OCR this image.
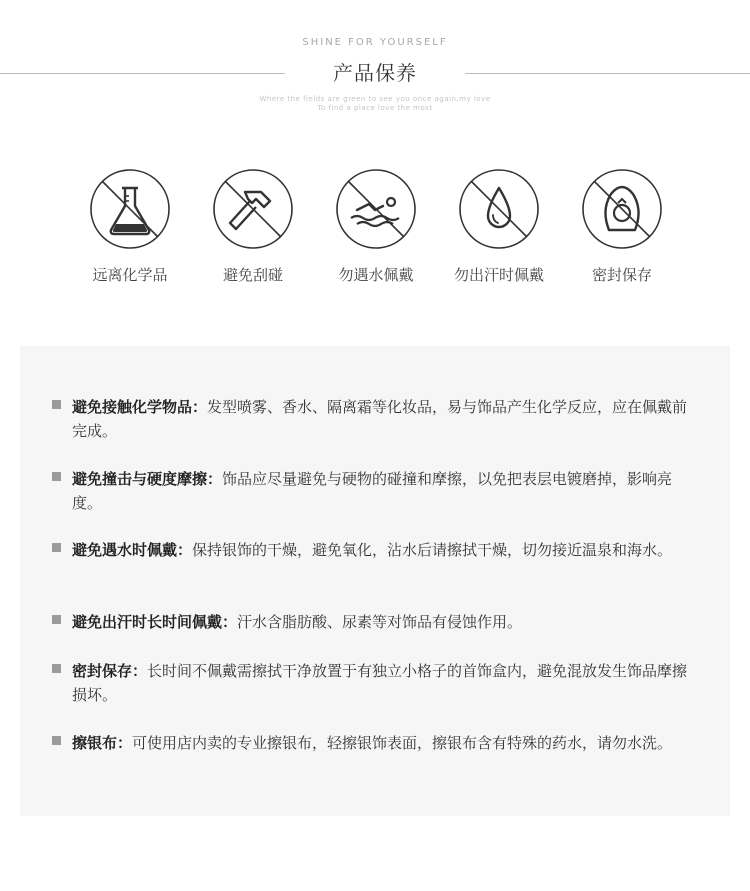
SHINE FOR YOURSELF
产品保养
Where the fields are green to see you once again,my love
To find a place love the most
远离化学品	避免刮碰	勿遇水佩戴	勿出汗时佩戴	密封保存
避免接触化学物品：发型喷雾、香水、隔离霜等化妆品，易与饰品产生化学反应，应在佩戴前完成。
避免撞击与硬度摩擦：饰品应尽量避免与硬物的碰撞和摩擦，以免把表层电镀磨掉，影响亮度。
避免遇水时佩戴：保持银饰的干燥，避免氧化，沾水后请擦拭干燥，切勿接近温泉和海水。
避免出汗时长时间佩戴：汗水含脂肪酸、尿素等对饰品有侵蚀作用。
密封保存：长时间不佩戴需擦拭干净放置于有独立小格子的首饰盒内，避免混放发生饰品摩擦损坏。
擦银布：可使用店内卖的专业擦银布，轻擦银饰表面，擦银布含有特殊的药水，请勿水洗。
